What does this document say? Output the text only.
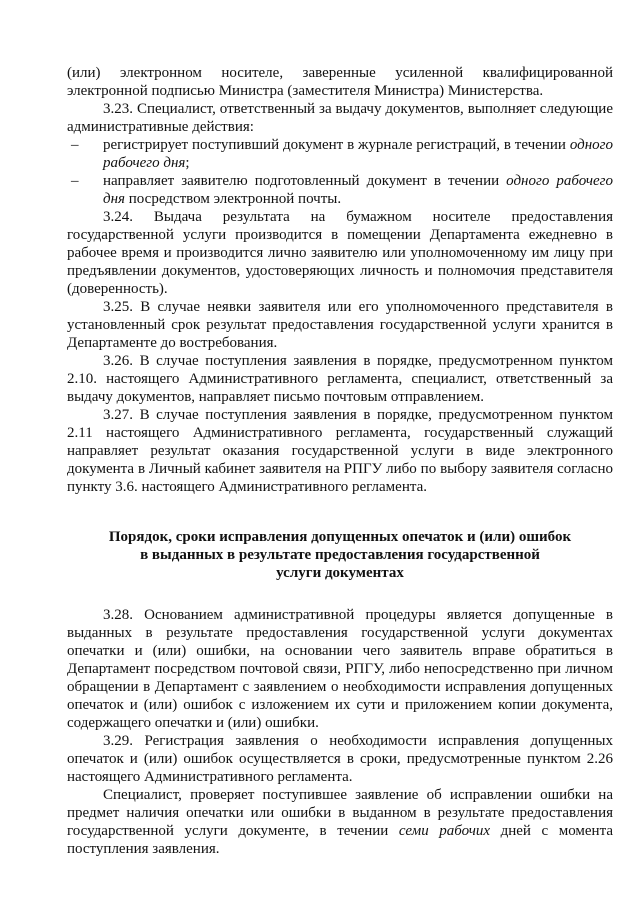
(или) электронном носителе, заверенные усиленной квалифицированной электронной подписью Министра (заместителя Министра) Министерства.

3.23. Специалист, ответственный за выдачу документов, выполняет следующие административные действия:

–	регистрирует поступивший документ в журнале регистраций, в течении одного рабочего дня;
–	направляет заявителю подготовленный документ в течении одного рабочего дня посредством электронной почты.

3.24. Выдача результата на бумажном носителе предоставления государственной услуги производится в помещении Департамента ежедневно в рабочее время и производится лично заявителю или уполномоченному им лицу при предъявлении документов, удостоверяющих личность и полномочия представителя (доверенность).

3.25. В случае неявки заявителя или его уполномоченного представителя в установленный срок результат предоставления государственной услуги хранится в Департаменте до востребования.

3.26. В случае поступления заявления в порядке, предусмотренном пунктом 2.10. настоящего Административного регламента, специалист, ответственный за выдачу документов, направляет письмо почтовым отправлением.

3.27. В случае поступления заявления в порядке, предусмотренном пунктом 2.11 настоящего Административного регламента, государственный служащий направляет результат оказания государственной услуги в виде электронного документа в Личный кабинет заявителя на РПГУ либо по выбору заявителя согласно пункту 3.6. настоящего Административного регламента.

Порядок, сроки исправления допущенных опечаток и (или) ошибок
в выданных в результате предоставления государственной
услуги документах

3.28. Основанием административной процедуры является допущенные в выданных в результате предоставления государственной услуги документах опечатки и (или) ошибки, на основании чего заявитель вправе обратиться в Департамент посредством почтовой связи, РПГУ, либо непосредственно при личном обращении в Департамент с заявлением о необходимости исправления допущенных опечаток и (или) ошибок с изложением их сути и приложением копии документа, содержащего опечатки и (или) ошибки.

3.29. Регистрация заявления о необходимости исправления допущенных опечаток и (или) ошибок осуществляется в сроки, предусмотренные пунктом 2.26 настоящего Административного регламента.

Специалист, проверяет поступившее заявление об исправлении ошибки на предмет наличия опечатки или ошибки в выданном в результате предоставления государственной услуги документе, в течении семи рабочих дней с момента поступления заявления.
